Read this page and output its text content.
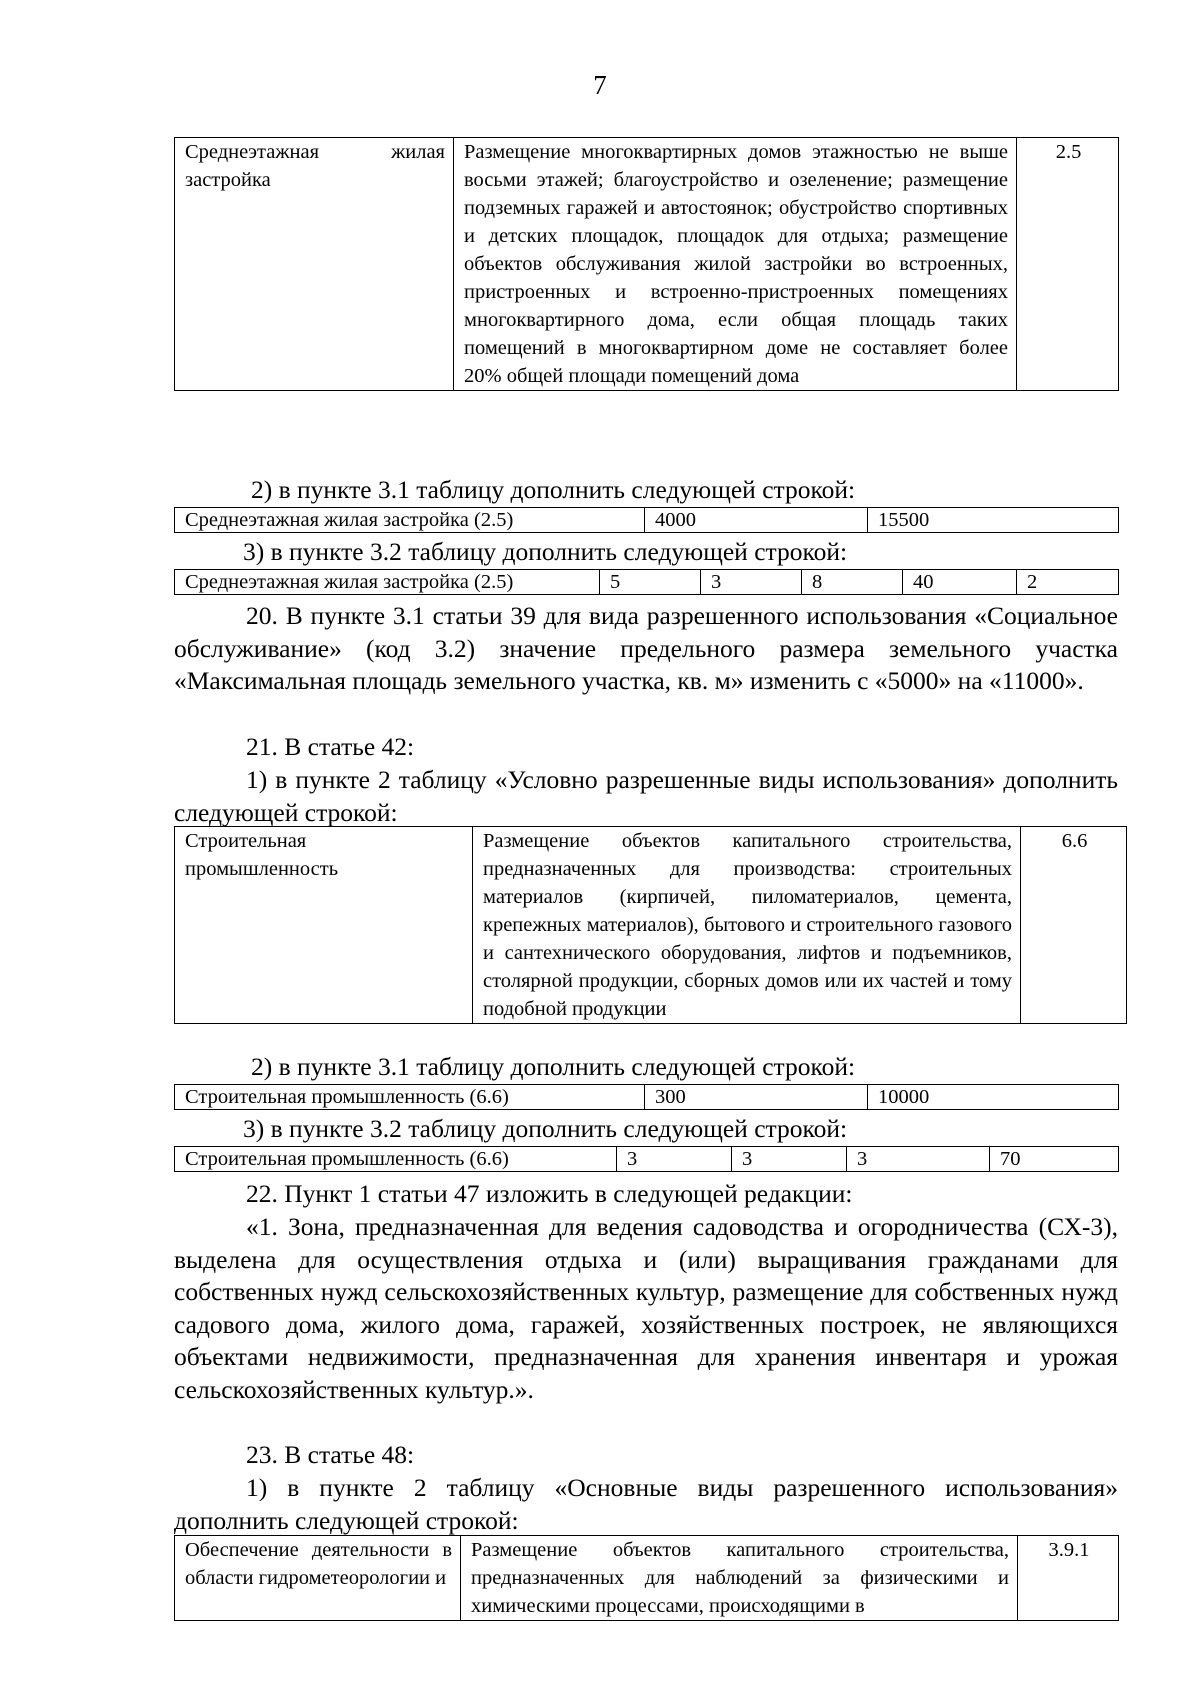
7
Среднеэтажная жилая застройка	Размещение многоквартирных домов этажностью не выше восьми этажей; благоустройство и озеленение; размещение подземных гаражей и автостоянок; обустройство спортивных и детских площадок, площадок для отдыха; размещение объектов обслуживания жилой застройки во встроенных, пристроенных и встроенно-пристроенных помещениях многоквартирного дома, если общая площадь таких помещений в многоквартирном доме не составляет более 20% общей площади помещений дома	2.5
2) в пункте 3.1 таблицу дополнить следующей строкой:
Среднеэтажная жилая застройка (2.5)	4000	15500
3) в пункте 3.2 таблицу дополнить следующей строкой:
Среднеэтажная жилая застройка (2.5)	5	3	8	40	2
20. В пункте 3.1 статьи 39 для вида разрешенного использования «Социальное обслуживание» (код 3.2) значение предельного размера земельного участка «Максимальная площадь земельного участка, кв. м» изменить с «5000» на «11000».
21. В статье 42:
1) в пункте 2 таблицу «Условно разрешенные виды использования» дополнить следующей строкой:
Строительная промышленность	Размещение объектов капитального строительства, предназначенных для производства: строительных материалов (кирпичей, пиломатериалов, цемента, крепежных материалов), бытового и строительного газового и сантехнического оборудования, лифтов и подъемников, столярной продукции, сборных домов или их частей и тому подобной продукции	6.6
2) в пункте 3.1 таблицу дополнить следующей строкой:
Строительная промышленность (6.6)	300	10000
3) в пункте 3.2 таблицу дополнить следующей строкой:
Строительная промышленность (6.6)	3	3	3	70
22. Пункт 1 статьи 47 изложить в следующей редакции:
«1. Зона, предназначенная для ведения садоводства и огородничества (СХ-3), выделена для осуществления отдыха и (или) выращивания гражданами для собственных нужд сельскохозяйственных культур, размещение для собственных нужд садового дома, жилого дома, гаражей, хозяйственных построек, не являющихся объектами недвижимости, предназначенная для хранения инвентаря и урожая сельскохозяйственных культур.».
23. В статье 48:
1) в пункте 2 таблицу «Основные виды разрешенного использования» дополнить следующей строкой:
Обеспечение деятельности в области гидрометеорологии и	Размещение объектов капитального строительства, предназначенных для наблюдений за физическими и химическими процессами, происходящими в	3.9.1
